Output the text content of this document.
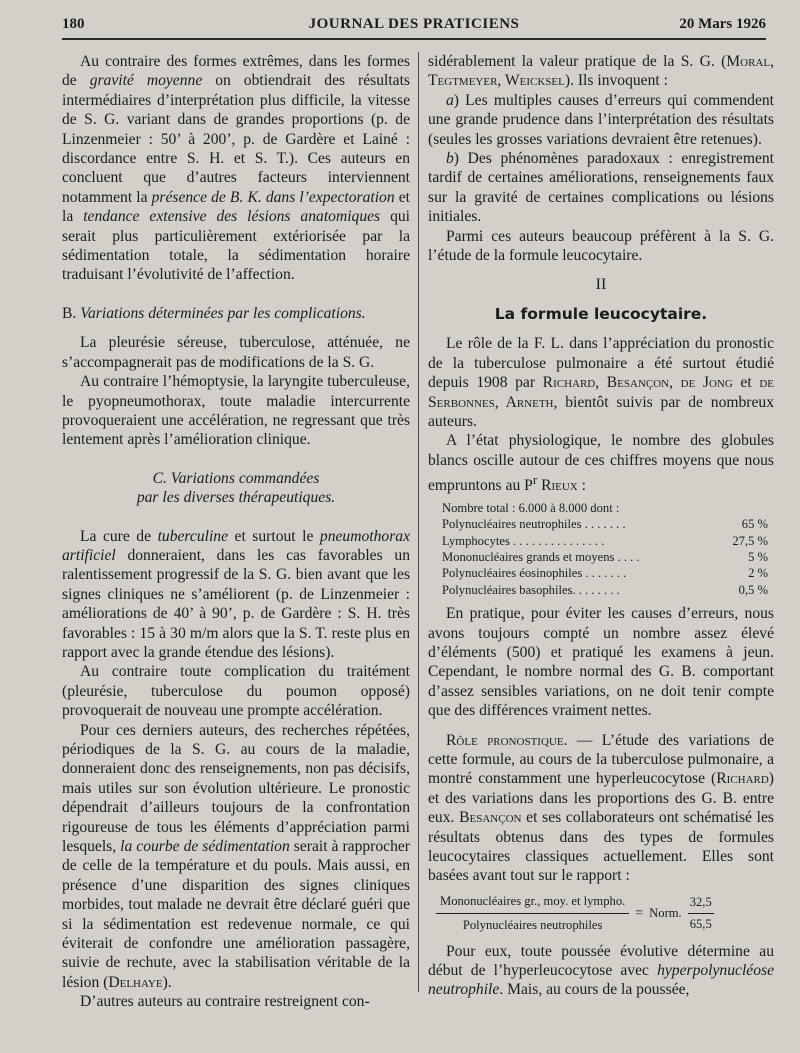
180	JOURNAL DES PRATICIENS	20 Mars 1926

Au contraire des formes extrêmes, dans les formes de gravité moyenne on obtiendrait des résultats intermédiaires d’interprétation plus difficile, la vitesse de S. G. variant dans de grandes proportions (p. de Linzenmeier : 50’ à 200’, p. de Gardère et Lainé : discordance entre S. H. et S. T.). Ces auteurs en concluent que d’autres facteurs interviennent notamment la présence de B. K. dans l’expectoration et la tendance extensive des lésions anatomiques qui serait plus particulièrement extériorisée par la sédimentation totale, la sédimentation horaire traduisant l’évolutivité de l’affection.

B. Variations déterminées par les complications.

La pleurésie séreuse, tuberculose, atténuée, ne s’accompagnerait pas de modifications de la S. G.

Au contraire l’hémoptysie, la laryngite tuberculeuse, le pyopneumothorax, toute maladie intercurrente provoqueraient une accélération, ne regressant que très lentement après l’amélioration clinique.

C. Variations commandées
par les diverses thérapeutiques.

La cure de tuberculine et surtout le pneumothorax artificiel donneraient, dans les cas favorables un ralentissement progressif de la S. G. bien avant que les signes cliniques ne s’améliorent (p. de Linzenmeier : améliorations de 40’ à 90’, p. de Gardère : S. H. très favorables : 15 à 30 m/m alors que la S. T. reste plus en rapport avec la grande étendue des lésions).

Au contraire toute complication du traitément (pleurésie, tuberculose du poumon opposé) provoquerait de nouveau une prompte accélération.

Pour ces derniers auteurs, des recherches répétées, périodiques de la S. G. au cours de la maladie, donneraient donc des renseignements, non pas décisifs, mais utiles sur son évolution ultérieure. Le pronostic dépendrait d’ailleurs toujours de la confrontation rigoureuse de tous les éléments d’appréciation parmi lesquels, la courbe de sédimentation serait à rapprocher de celle de la température et du pouls. Mais aussi, en présence d’une disparition des signes cliniques morbides, tout malade ne devrait être déclaré guéri que si la sédimentation est redevenue normale, ce qui éviterait de confondre une amélioration passagère, suivie de rechute, avec la stabilisation véritable de la lésion (Delhaye).

D’autres auteurs au contraire restreignent con-

sidérablement la valeur pratique de la S. G. (Moral, Tegtmeyer, Weicksel). Ils invoquent :

a) Les multiples causes d’erreurs qui commendent une grande prudence dans l’interprétation des résultats (seules les grosses variations devraient être retenues).

b) Des phénomènes paradoxaux : enregistrement tardif de certaines améliorations, renseignements faux sur la gravité de certaines complications ou lésions initiales.

Parmi ces auteurs beaucoup préfèrent à la S. G. l’étude de la formule leucocytaire.

II

La formule leucocytaire.

Le rôle de la F. L. dans l’appréciation du pronostic de la tuberculose pulmonaire a été surtout étudié depuis 1908 par Richard, Besançon, de Jong et de Serbonnes, Arneth, bientôt suivis par de nombreux auteurs.

A l’état physiologique, le nombre des globules blancs oscille autour de ces chiffres moyens que nous empruntons au $P^r$ Rieux :

Nombre total : 6.000 à 8.000 dont :
Polynucléaires neutrophiles . . . . . . .	65 %
Lymphocytes . . . . . . . . . . . . . . .	27,5 %
Mononucléaires grands et moyens . . . .	5 %
Polynucléaires éosinophiles . . . . . . .	2 %
Polynucléaires basophiles. . . . . . . .	0,5 %

En pratique, pour éviter les causes d’erreurs, nous avons toujours compté un nombre assez élevé d’éléments (500) et pratiqué les examens à jeun. Cependant, le nombre normal des G. B. comportant d’assez sensibles variations, on ne doit tenir compte que des différences vraiment nettes.

Rôle pronostique. — L’étude des variations de cette formule, au cours de la tuberculose pulmonaire, a montré constamment une hyperleucocytose (Richard) et des variations dans les proportions des G. B. entre eux. Besançon et ses collaborateurs ont schématisé les résultats obtenus dans des types de formules leucocytaires classiques actuellement. Elles sont basées avant tout sur le rapport :

$\frac{\text{Mononucléaires gr., moy. et lympho.}}{\text{Polynucléaires neutrophiles}}$ = Norm. $\frac{32,5}{65,5}$

Pour eux, toute poussée évolutive détermine au début de l’hyperleucocytose avec hyperpolynucléose neutrophile. Mais, au cours de la poussée,
